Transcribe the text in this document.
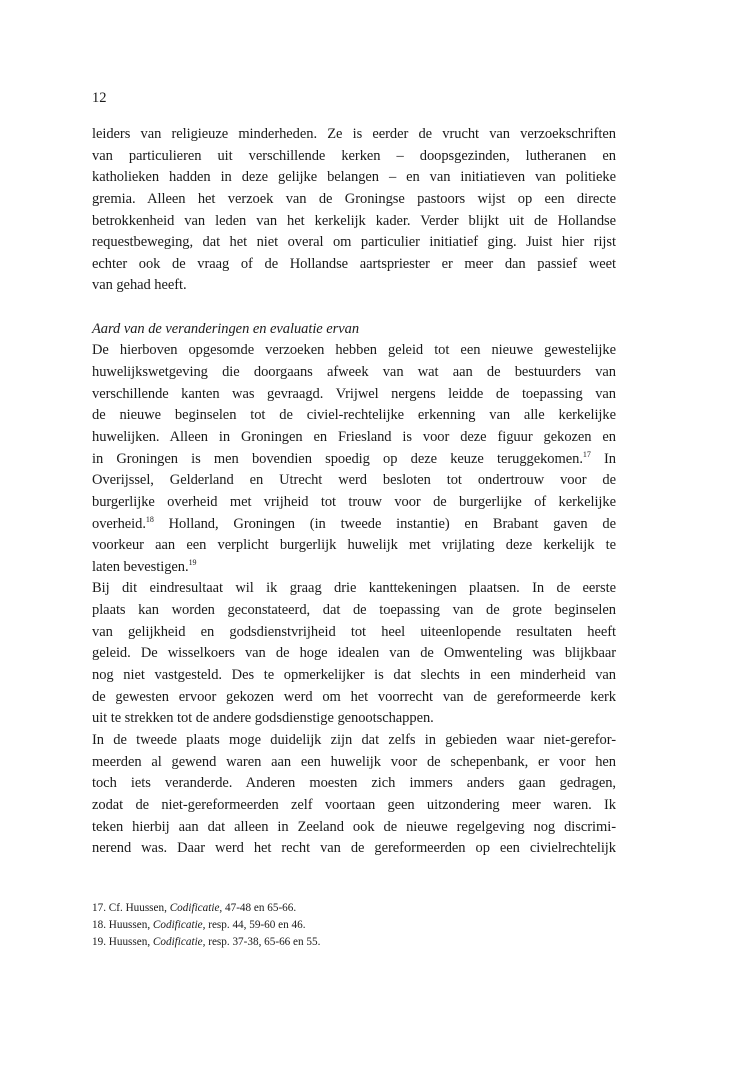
12
leiders van religieuze minderheden. Ze is eerder de vrucht van verzoekschriften
van particulieren uit verschillende kerken – doopsgezinden, lutheranen en
katholieken hadden in deze gelijke belangen – en van initiatieven van politieke
gremia. Alleen het verzoek van de Groningse pastoors wijst op een directe
betrokkenheid van leden van het kerkelijk kader. Verder blijkt uit de Hollandse
requestbeweging, dat het niet overal om particulier initiatief ging. Juist hier rijst
echter ook de vraag of de Hollandse aartspriester er meer dan passief weet
van gehad heeft.
Aard van de veranderingen en evaluatie ervan
De hierboven opgesomde verzoeken hebben geleid tot een nieuwe gewestelijke
huwelijkswetgeving die doorgaans afweek van wat aan de bestuurders van
verschillende kanten was gevraagd. Vrijwel nergens leidde de toepassing van
de nieuwe beginselen tot de civiel-rechtelijke erkenning van alle kerkelijke
huwelijken. Alleen in Groningen en Friesland is voor deze figuur gekozen en
in Groningen is men bovendien spoedig op deze keuze teruggekomen.$^{17}$ In
Overijssel, Gelderland en Utrecht werd besloten tot ondertrouw voor de
burgerlijke overheid met vrijheid tot trouw voor de burgerlijke of kerkelijke
overheid.$^{18}$ Holland, Groningen (in tweede instantie) en Brabant gaven de
voorkeur aan een verplicht burgerlijk huwelijk met vrijlating deze kerkelijk te
laten bevestigen.$^{19}$
Bij dit eindresultaat wil ik graag drie kanttekeningen plaatsen. In de eerste
plaats kan worden geconstateerd, dat de toepassing van de grote beginselen
van gelijkheid en godsdienstvrijheid tot heel uiteenlopende resultaten heeft
geleid. De wisselkoers van de hoge idealen van de Omwenteling was blijkbaar
nog niet vastgesteld. Des te opmerkelijker is dat slechts in een minderheid van
de gewesten ervoor gekozen werd om het voorrecht van de gereformeerde kerk
uit te strekken tot de andere godsdienstige genootschappen.
In de tweede plaats moge duidelijk zijn dat zelfs in gebieden waar niet-gerefor-
meerden al gewend waren aan een huwelijk voor de schepenbank, er voor hen
toch iets veranderde. Anderen moesten zich immers anders gaan gedragen,
zodat de niet-gereformeerden zelf voortaan geen uitzondering meer waren. Ik
teken hierbij aan dat alleen in Zeeland ook de nieuwe regelgeving nog discrimi-
nerend was. Daar werd het recht van de gereformeerden op een civielrechtelijk
17. Cf. Huussen, Codificatie, 47-48 en 65-66.
18. Huussen, Codificatie, resp. 44, 59-60 en 46.
19. Huussen, Codificatie, resp. 37-38, 65-66 en 55.
